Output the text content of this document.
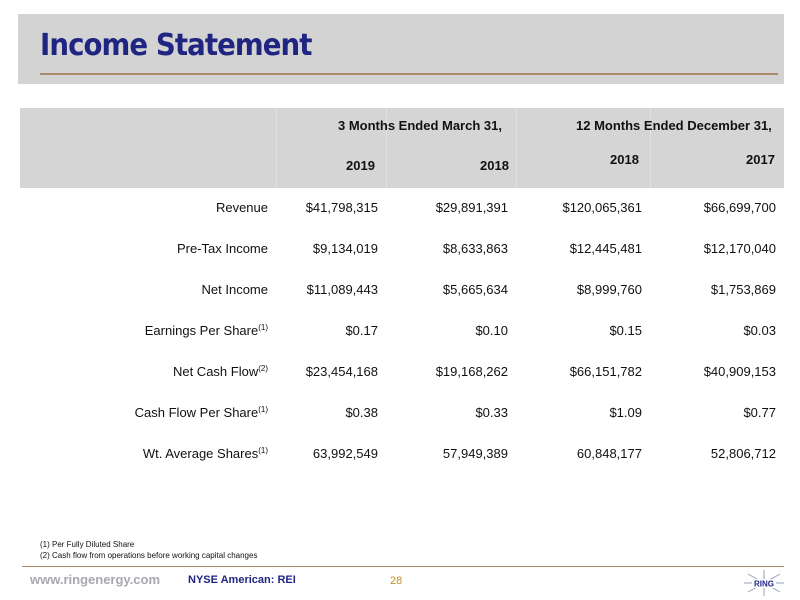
Income Statement
3 Months Ended March 31,	12 Months Ended December 31,
2019	2018	2018	2017
Revenue	$41,798,315	$29,891,391	$120,065,361	$66,699,700
Pre-Tax Income	$9,134,019	$8,633,863	$12,445,481	$12,170,040
Net Income	$11,089,443	$5,665,634	$8,999,760	$1,753,869
Earnings Per Share$^{(1)}$	$0.17	$0.10	$0.15	$0.03
Net Cash Flow$^{(2)}$	$23,454,168	$19,168,262	$66,151,782	$40,909,153
Cash Flow Per Share$^{(1)}$	$0.38	$0.33	$1.09	$0.77
Wt. Average Shares$^{(1)}$	63,992,549	57,949,389	60,848,177	52,806,712
(1) Per Fully Diluted Share
(2) Cash flow from operations before working capital changes
www.ringenergy.com	NYSE American: REI	28	RING
